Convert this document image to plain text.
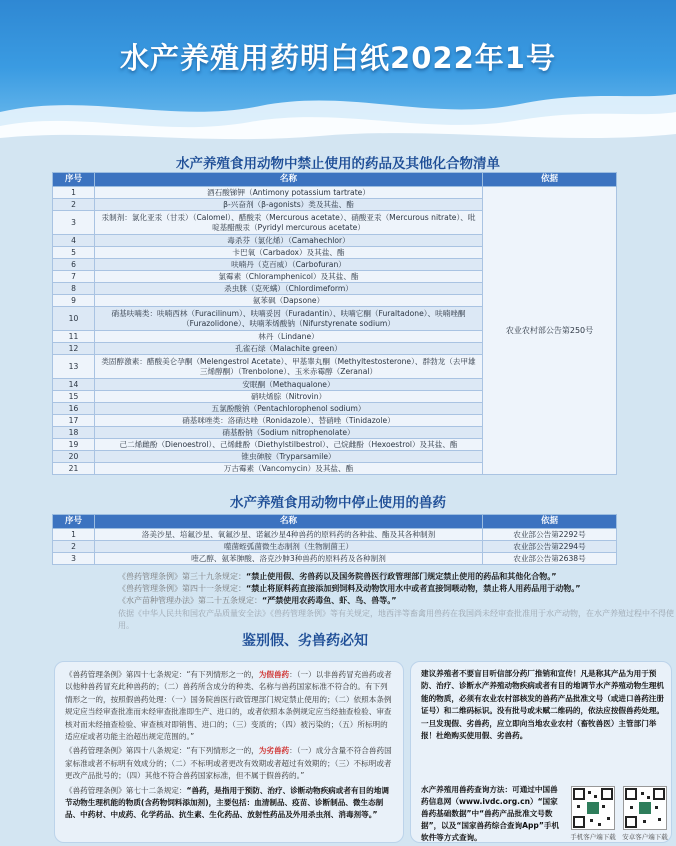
水产养殖用药明白纸2022年1号
水产养殖食用动物中禁止使用的药品及其他化合物清单
序号	名称	依据
1	酒石酸锑钾（Antimony potassium tartrate）	农业农村部公告第250号
2	β-兴奋剂（β-agonists）类及其盐、酯	
3	汞制剂：氯化亚汞（甘汞）（Calomel）、醋酸汞（Mercurous acetate）、硝酸亚汞（Mercurous nitrate）、吡啶基醋酸汞（Pyridyl mercurous acetate）	
4	毒杀芬（氯化烯）（Camahechlor）	
5	卡巴氧（Carbadox）及其盐、酯	
6	呋喃丹（克百威）（Carbofuran）	
7	氯霉素（Chloramphenicol）及其盐、酯	
8	杀虫脒（克死螨）（Chlordimeform）	
9	氨苯砜（Dapsone）	
10	硝基呋喃类：呋喃西林（Furacilinum）、呋喃妥因（Furadantin）、呋喃它酮（Furaltadone）、呋喃唑酮（Furazolidone）、呋喃苯烯酸钠（Nifurstyrenate sodium）	
11	林丹（Lindane）	
12	孔雀石绿（Malachite green）	
13	类固醇激素：醋酸美仑孕酮（Melengestrol Acetate）、甲基睾丸酮（Methyltestosterone）、群勃龙（去甲雄三烯醇酮）（Trenbolone）、玉米赤霉醇（Zeranal）	
14	安眠酮（Methaqualone）	
15	硝呋烯腙（Nitrovin）	
16	五氯酚酸钠（Pentachlorophenol sodium）	
17	硝基咪唑类：洛硝达唑（Ronidazole）、替硝唑（Tinidazole）	
18	硝基酚钠（Sodium nitrophenolate）	
19	己二烯雌酚（Dienoestrol）、己烯雌酚（Diethylstilbestrol）、己烷雌酚（Hexoestrol）及其盐、酯	
20	锥虫砷胺（Tryparsamile）	
21	万古霉素（Vancomycin）及其盐、酯	
水产养殖食用动物中停止使用的兽药
序号	名称	依据
1	洛美沙星、培氟沙星、氧氟沙星、诺氟沙星4种兽药的原料药的各种盐、酯及其各种制剂	农业部公告第2292号
2	噬菌蛭弧菌微生态制剂（生物制菌王）	农业部公告第2294号
3	喹乙醇、氨苯胂酸、洛克沙胂3种兽药的原料药及各种制剂	农业部公告第2638号

《兽药管理条例》第三十九条规定：“禁止使用假、劣兽药以及国务院兽医行政管理部门规定禁止使用的药品和其他化合物。”

《兽药管理条例》第四十一条规定：“禁止将原料药直接添加到饲料及动物饮用水中或者直接饲喂动物，禁止将人用药品用于动物。”

《水产苗种管理办法》第二十五条规定：“严禁使用农药毒鱼、虾、鸟、兽等。”

依据《中华人民共和国农产品质量安全法》《兽药管理条例》等有关规定，地西泮等畜禽用兽药在我国尚未经审查批准用于水产动物，在水产养殖过程中不得使用。

鉴别假、劣兽药必知

《兽药管理条例》第四十七条规定：“有下列情形之一的，为假兽药：（一）以非兽药冒充兽药或者以他种兽药冒充此种兽药的；（二）兽药所含成分的种类、名称与兽药国家标准不符合的。有下列情形之一的，按照假兽药处理：（一）国务院兽医行政管理部门规定禁止使用的；（二）依照本条例规定应当经审查批准而未经审查批准即生产、进口的，或者依照本条例规定应当经抽查检验、审查核对而未经抽查检验、审查核对即销售、进口的；（三）变质的；（四）被污染的；（五）所标明的适应症或者功能主治超出规定范围的。”

《兽药管理条例》第四十八条规定：“有下列情形之一的，为劣兽药：（一）成分含量不符合兽药国家标准或者不标明有效成分的；（二）不标明或者更改有效期或者超过有效期的；（三）不标明或者更改产品批号的；（四）其他不符合兽药国家标准，但不属于假兽药的。”

《兽药管理条例》第七十二条规定：“兽药，是指用于预防、治疗、诊断动物疾病或者有目的地调节动物生理机能的物质(含药物饲料添加剂)，主要包括：血清制品、疫苗、诊断制品、微生态制品、中药材、中成药、化学药品、抗生素、生化药品、放射性药品及外用杀虫剂、消毒剂等。”

建议养殖者不要盲目听信部分药厂推销和宣传！凡是称其产品为用于预防、治疗、诊断水产养殖动物疾病或者有目的地调节水产养殖动物生理机能的物质，必须有农业农村部核发的兽药产品批准文号（或进口兽药注册证号）和二维码标识。没有批号或未赋二维码的，依法应按假兽药处理。一旦发现假、劣兽药，应立即向当地农业农村（畜牧兽医）主管部门举报！杜绝购买使用假、劣兽药。

水产养殖用兽药查询方法：可通过中国兽药信息网（www.ivdc.org.cn）“国家兽药基础数据”中“兽药产品批准文号数据”，以及“国家兽药综合查询App”手机软件等方式查询。	手机客户端下载	安卓客户端下载
